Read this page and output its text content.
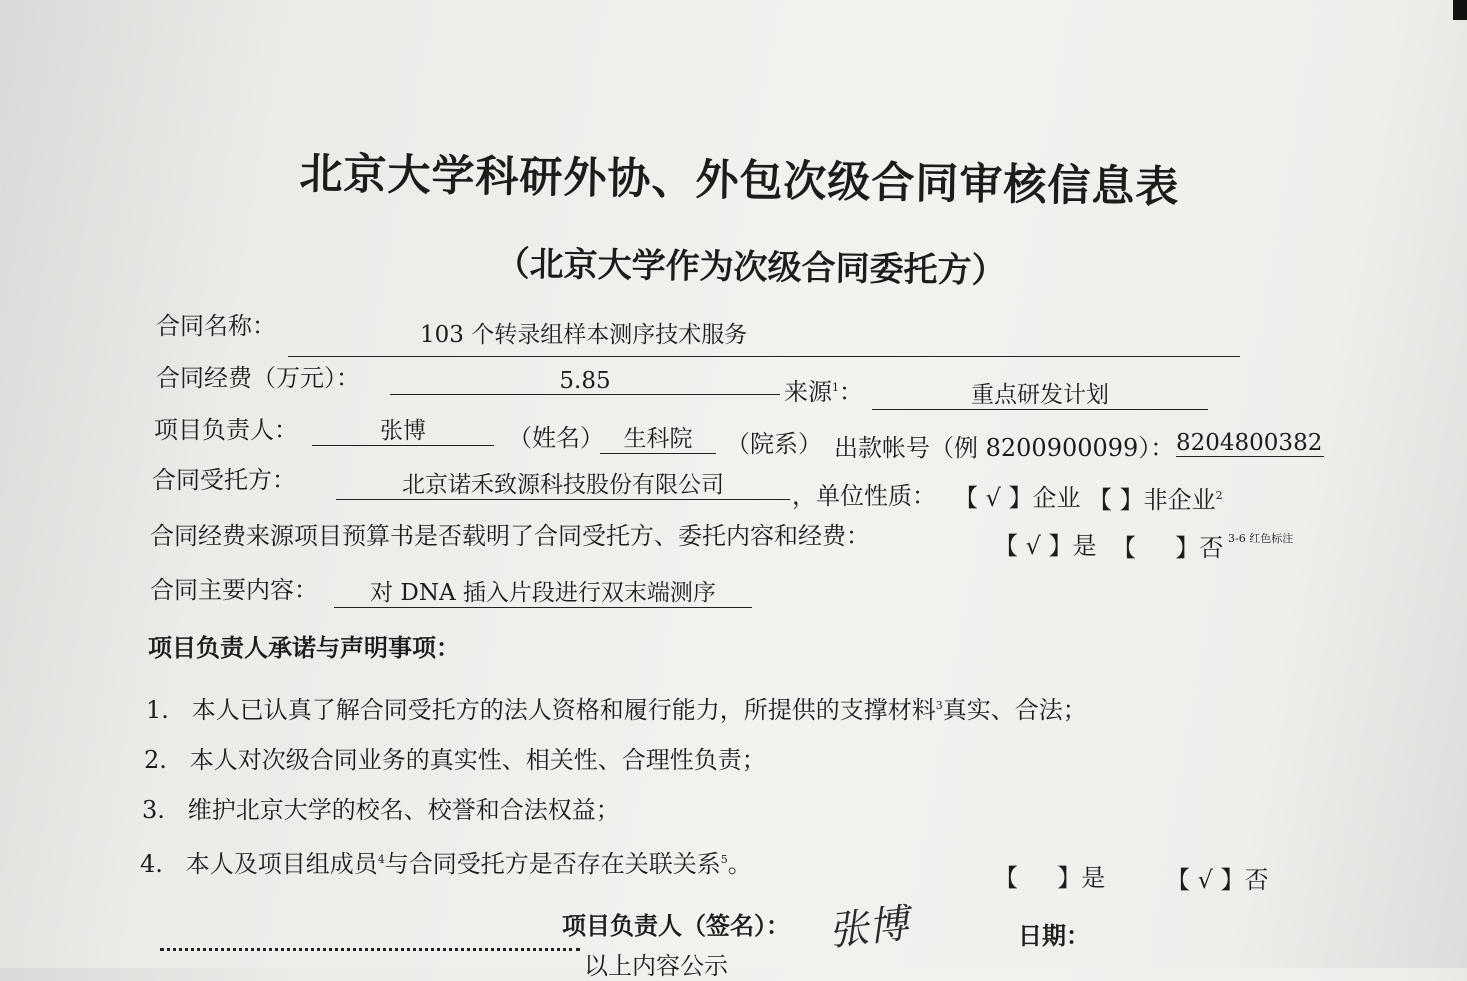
北京大学科研外协、外包次级合同审核信息表
（北京大学作为次级合同委托方）
合同名称：	103 个转录组样本测序技术服务
合同经费（万元）：	5.85	来源$^1$：	重点研发计划
项目负责人：	张博	（姓名） 生科院	（院系） 出款帐号（例 8200900099）： 8204800382
合同受托方：	北京诺禾致源科技股份有限公司	，单位性质： 【 √ 】企业 【 】非企业$^2$
合同经费来源项目预算书是否载明了合同受托方、委托内容和经费：	【 √ 】是 【 　 】否 3-6 红色标注
合同主要内容：	对 DNA 插入片段进行双末端测序
项目负责人承诺与声明事项：
1. 本人已认真了解合同受托方的法人资格和履行能力，所提供的支撑材料$^3$真实、合法；
2. 本人对次级合同业务的真实性、相关性、合理性负责；
3. 维护北京大学的校名、校誉和合法权益；
4. 本人及项目组成员$^4$与合同受托方是否存在关联关系$^5$。	【 　 】是	【 √ 】否
项目负责人（签名）： 张博	日期：
以上内容公示
